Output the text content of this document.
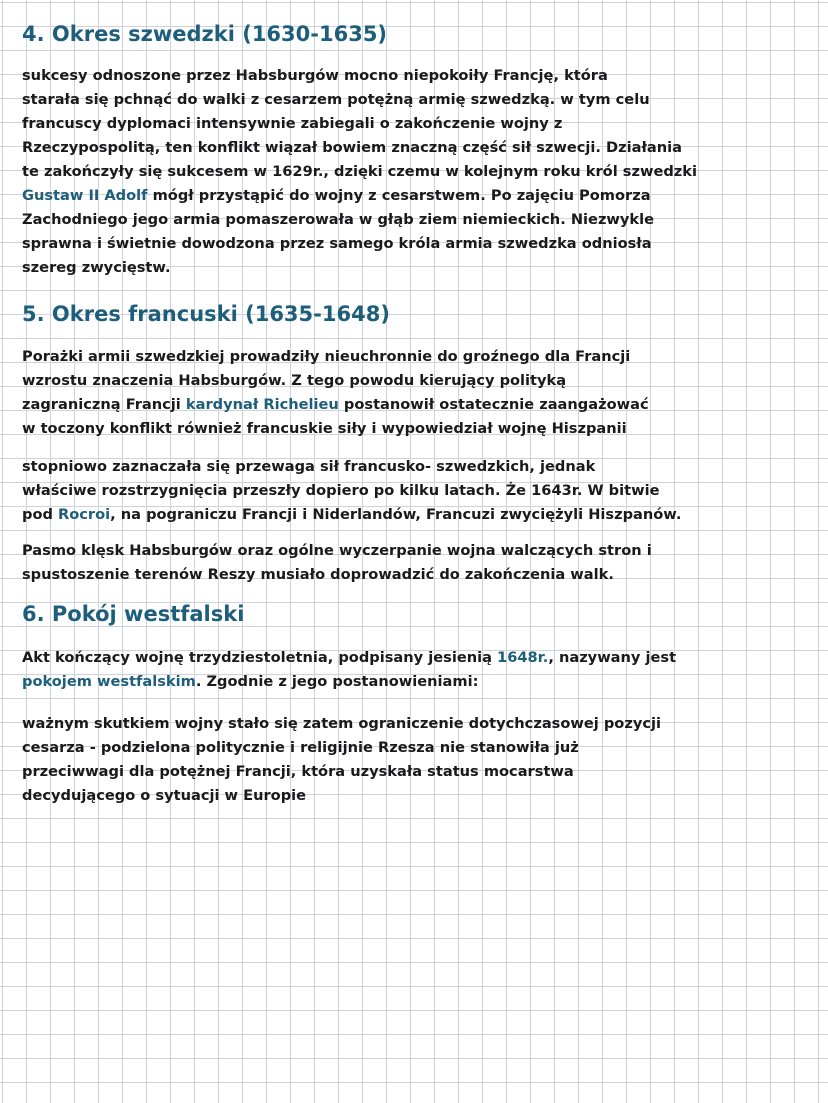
4. Okres szwedzki (1630-1635)
sukcesy odnoszone przez Habsburgów mocno niepokoiły Francję, która
starała się pchnąć do walki z cesarzem potężną armię szwedzką. w tym celu
francuscy dyplomaci intensywnie zabiegali o zakończenie wojny z
Rzeczypospolitą, ten konflikt wiązał bowiem znaczną część sił szwecji. Działania
te zakończyły się sukcesem w 1629r., dzięki czemu w kolejnym roku król szwedzki
Gustaw II Adolf mógł przystąpić do wojny z cesarstwem. Po zajęciu Pomorza
Zachodniego jego armia pomaszerowała w głąb ziem niemieckich. Niezwykle
sprawna i świetnie dowodzona przez samego króla armia szwedzka odniosła
szereg zwycięstw.
5. Okres francuski (1635-1648)
Porażki armii szwedzkiej prowadziły nieuchronnie do groźnego dla Francji
wzrostu znaczenia Habsburgów. Z tego powodu kierujący polityką
zagraniczną Francji kardynał Richelieu postanowił ostatecznie zaangażować
w toczony konflikt również francuskie siły i wypowiedział wojnę Hiszpanii
stopniowo zaznaczała się przewaga sił francusko- szwedzkich, jednak
właściwe rozstrzygnięcia przeszły dopiero po kilku latach. Że 1643r. W bitwie
pod Rocroi, na pograniczu Francji i Niderlandów, Francuzi zwyciężyli Hiszpanów.
Pasmo klęsk Habsburgów oraz ogólne wyczerpanie wojna walczących stron i
spustoszenie terenów Reszy musiało doprowadzić do zakończenia walk.
6. Pokój westfalski
Akt kończący wojnę trzydziestoletnia, podpisany jesienią 1648r., nazywany jest
pokojem westfalskim. Zgodnie z jego postanowieniami:
ważnym skutkiem wojny stało się zatem ograniczenie dotychczasowej pozycji
cesarza - podzielona politycznie i religijnie Rzesza nie stanowiła już
przeciwwagi dla potężnej Francji, która uzyskała status mocarstwa
decydującego o sytuacji w Europie
